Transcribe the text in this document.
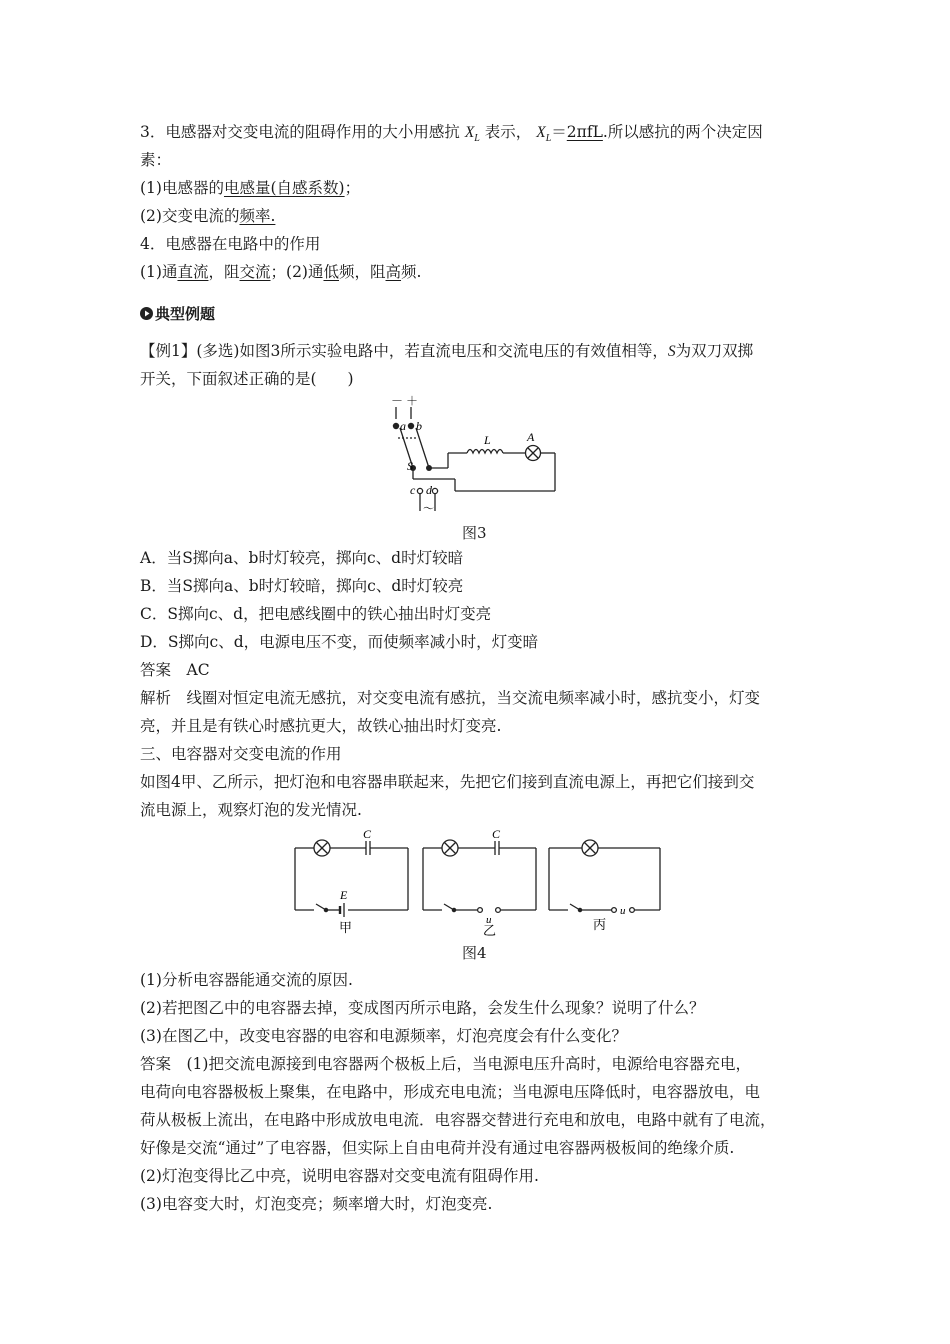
3．电感器对交变电流的阻碍作用的大小用感抗 $X_L$ 表示， $X_L=2\pi fL$.所以感抗的两个决定因
素：
(1)电感器的电感量(自感系数)；
(2)交变电流的频率.
4．电感器在电路中的作用
(1)通直流，阻交流；(2)通低频，阻高频.
典型例题
【例1】(多选)如图3所示实验电路中，若直流电压和交流电压的有效值相等，S为双刀双掷
开关，下面叙述正确的是(　　)
－ ＋
a b
L	A
S
c d
～
图3
A．当S掷向a、b时灯较亮，掷向c、d时灯较暗
B．当S掷向a、b时灯较暗，掷向c、d时灯较亮
C．S掷向c、d，把电感线圈中的铁心抽出时灯变亮
D．S掷向c、d，电源电压不变，而使频率减小时，灯变暗
答案　AC
解析　线圈对恒定电流无感抗，对交变电流有感抗，当交流电频率减小时，感抗变小，灯变
亮，并且是有铁心时感抗更大，故铁心抽出时灯变亮.
三、电容器对交变电流的作用
如图4甲、乙所示，把灯泡和电容器串联起来，先把它们接到直流电源上，再把它们接到交
流电源上，观察灯泡的发光情况.
C	C
E
u
u
甲	乙	丙
图4
(1)分析电容器能通交流的原因.
(2)若把图乙中的电容器去掉，变成图丙所示电路，会发生什么现象？说明了什么？
(3)在图乙中，改变电容器的电容和电源频率，灯泡亮度会有什么变化？
答案　(1)把交流电源接到电容器两个极板上后，当电源电压升高时，电源给电容器充电，
电荷向电容器极板上聚集，在电路中，形成充电电流；当电源电压降低时，电容器放电，电
荷从极板上流出，在电路中形成放电电流．电容器交替进行充电和放电，电路中就有了电流，
好像是交流“通过”了电容器，但实际上自由电荷并没有通过电容器两极板间的绝缘介质.
(2)灯泡变得比乙中亮，说明电容器对交变电流有阻碍作用.
(3)电容变大时，灯泡变亮；频率增大时，灯泡变亮.
